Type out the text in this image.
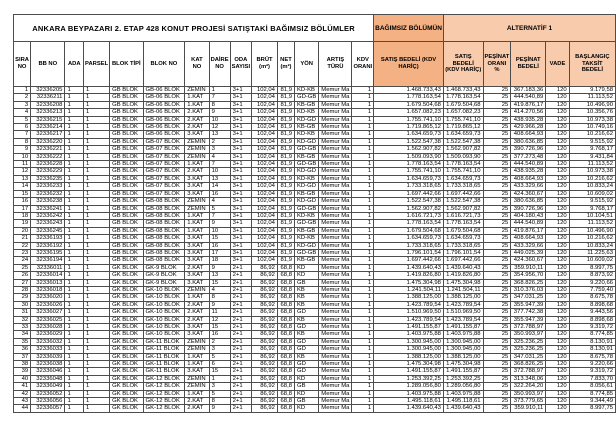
ANKARA BEYPAZARI 2. ETAP 428 KONUT PROJESİ SATIŞTAKİ BAĞIMSIZ BÖLÜMLER														BAĞIMSIZ BÖLÜMÜN	ALTERNATİF 1				
SIRA NO	BB NO	ADA	PARSEL	BLOK TİPİ	BLOK NO	KAT NO	DAİRE NO	ODA SAYISI	BRÜT (m²)	NET (m²)	YÖN	ARTIŞ TÜRÜ	KDV ORANI	SATIŞ BEDELİ (KDV HARİÇ)	SATIŞ BEDELİ (KDV HARİÇ)	PEŞİNAT ORANI %	PEŞİNAT BEDELİ	VADE	BAŞLANGIÇ TAKSİT BEDELİ
1	32336205	1	1	GB BLOK	GB-06 BLOK	ZEMİN	1	3+1	102,04	81,9	KD-KB	Memur Ma	1	1.468.733,43	1.468.733,43	25	367.183,36	120	9.179,58
2	32336211	1	1	GB BLOK	GB-06 BLOK	1.KAT	7	3+1	102,04	81,9	GD-GB	Memur Ma	1	1.778.163,54	1.778.163,54	25	444.540,89	120	11.113,52
3	32336208	1	1	GB BLOK	GB-06 BLOK	1.KAT	8	3+1	102,04	81,9	KB-GB	Memur Ma	1	1.679.504,68	1.679.504,68	25	419.876,17	120	10.496,90
4	32336213	1	1	GB BLOK	GB-06 BLOK	2.KAT	9	3+1	102,04	81,9	KD-KB	Memur Ma	1	1.657.082,23	1.657.082,23	25	414.270,56	120	10.356,76
5	32336215	1	1	GB BLOK	GB-06 BLOK	2.KAT	10	3+1	102,04	81,9	KD-GD	Memur Ma	1	1.755.741,10	1.755.741,10	25	438.935,28	120	10.973,38
6	32336214	1	1	GB BLOK	GB-06 BLOK	2.KAT	12	3+1	102,04	81,9	KB-GB	Memur Ma	1	1.719.865,12	1.719.865,12	25	429.966,28	120	10.749,16
7	32336217	1	1	GB BLOK	GB-06 BLOK	3.KAT	13	3+1	102,04	81,9	KD-KB	Memur Ma	1	1.634.659,73	1.634.659,73	25	408.664,93	120	10.216,62
8	32336220	1	1	GB BLOK	GB-07 BLOK	ZEMİN	2	3+1	102,04	81,9	KD-GD	Memur Ma	1	1.522.547,38	1.522.547,38	25	380.636,85	120	9.515,92
9	32336221	1	1	GB BLOK	GB-07 BLOK	ZEMİN	3	3+1	102,04	81,9	GD-GB	Memur Ma	1	1.562.907,82	1.562.907,82	25	390.726,96	120	9.768,17
10	32336222	1	1	GB BLOK	GB-07 BLOK	ZEMİN	4	3+1	102,04	81,9	KB-GB	Memur Ma	1	1.509.093,90	1.509.093,90	25	377.273,48	120	9.431,84
11	32336228	1	1	GB BLOK	GB-07 BLOK	1.KAT	7	3+1	102,04	81,9	GD-GB	Memur Ma	1	1.778.163,54	1.778.163,54	25	444.540,89	120	11.113,52
12	32336229	1	1	GB BLOK	GB-07 BLOK	2.KAT	10	3+1	102,04	81,9	KD-GD	Memur Ma	1	1.755.741,10	1.755.741,10	25	438.935,28	120	10.973,38
13	32336235	1	1	GB BLOK	GB-07 BLOK	3.KAT	13	3+1	102,04	81,9	KD-KB	Memur Ma	1	1.634.659,73	1.634.659,73	25	408.664,93	120	10.216,62
14	32336233	1	1	GB BLOK	GB-07 BLOK	3.KAT	14	3+1	102,04	81,9	KD-GD	Memur Ma	1	1.733.318,65	1.733.318,65	25	433.329,66	120	10.833,24
15	32336232	1	1	GB BLOK	GB-07 BLOK	3.KAT	16	3+1	102,04	81,9	KB-GB	Memur Ma	1	1.697.442,66	1.697.442,66	25	424.360,67	120	10.609,02
16	32336238	1	1	GB BLOK	GB-08 BLOK	ZEMİN	4	3+1	102,04	81,9	KD-GD	Memur Ma	1	1.522.547,38	1.522.547,38	25	380.636,85	120	9.515,92
17	32336241	1	1	GB BLOK	GB-08 BLOK	ZEMİN	5	3+1	102,04	81,9	GD-GB	Memur Ma	1	1.562.907,82	1.562.907,82	25	390.726,96	120	9.768,17
18	32336242	1	1	GB BLOK	GB-08 BLOK	1.KAT	7	3+1	102,04	81,9	KD-KB	Memur Ma	1	1.616.721,73	1.616.721,73	25	404.180,43	120	10.104,51
19	32336243	1	1	GB BLOK	GB-08 BLOK	1.KAT	9	3+1	102,04	81,9	GD-GB	Memur Ma	1	1.778.163,54	1.778.163,54	25	444.540,89	120	11.113,52
20	32336245	1	1	GB BLOK	GB-08 BLOK	1.KAT	10	3+1	102,04	81,9	KB-GB	Memur Ma	1	1.679.504,68	1.679.504,68	25	419.876,17	120	10.496,90
21	32336193	1	1	GB BLOK	GB-08 BLOK	3.KAT	15	3+1	102,04	81,9	KD-KB	Memur Ma	1	1.634.659,73	1.634.659,73	25	408.664,93	120	10.216,62
22	32336192	1	1	GB BLOK	GB-08 BLOK	3.KAT	16	3+1	102,04	81,9	KD-GD	Memur Ma	1	1.733.318,65	1.733.318,65	25	433.329,66	120	10.833,24
23	32336195	1	1	GB BLOK	GB-08 BLOK	3.KAT	17	3+1	102,04	81,9	GD-GB	Memur Ma	1	1.796.101,54	1.796.101,54	25	449.025,39	120	11.225,63
24	32336194	1	1	GB BLOK	GB-08 BLOK	3.KAT	18	3+1	102,04	81,9	KB-GB	Memur Ma	1	1.697.442,66	1.697.442,66	25	424.360,67	120	10.609,02
25	32336011	1	1	GK BLOK	GK-9 BLOK	2.KAT	9	2+1	86,92	68,8	KD	Memur Ma	1	1.439.640,43	1.439.640,43	25	359.910,11	120	8.997,75
26	32336014	1	1	GK BLOK	GK-9 BLOK	3.KAT	13	2+1	86,92	68,8	KD	Memur Ma	1	1.419.826,80	1.419.826,80	25	354.956,70	120	8.873,92
27	32336013	1	1	GK BLOK	GK-9 BLOK	3.KAT	15	2+1	86,92	68,8	GB	Memur Ma	1	1.475.304,98	1.475.304,98	25	368.826,25	120	9.220,66
28	32336018	1	1	GK BLOK	GK-10 BLOK	ZEMİN	4	2+1	86,92	68,8	KB	Memur Ma	1	1.241.504,11	1.241.504,11	25	310.376,03	120	7.759,40
29	32336020	1	1	GK BLOK	GK-10 BLOK	1.KAT	8	2+1	86,92	68,8	KB	Memur Ma	1	1.388.125,00	1.388.125,00	25	347.031,25	120	8.675,78
30	32336026	1	1	GK BLOK	GK-10 BLOK	2.KAT	9	2+1	86,92	68,8	KB	Memur Ma	1	1.423.789,54	1.423.789,54	25	355.947,39	120	8.898,68
31	32336027	1	1	GK BLOK	GK-10 BLOK	2.KAT	11	2+1	86,92	68,8	GD	Memur Ma	1	1.510.969,50	1.510.969,50	25	377.742,38	120	9.443,56
32	32336025	1	1	GK BLOK	GK-10 BLOK	2.KAT	12	2+1	86,92	68,8	KB	Memur Ma	1	1.423.789,54	1.423.789,54	25	355.947,39	120	8.898,68
33	32336028	1	1	GK BLOK	GK-10 BLOK	3.KAT	15	2+1	86,92	68,8	GD	Memur Ma	1	1.491.155,87	1.491.155,87	25	372.788,97	120	9.319,72
34	32336029	1	1	GK BLOK	GK-10 BLOK	3.KAT	16	2+1	86,92	68,8	KB	Memur Ma	1	1.403.975,88	1.403.975,88	25	350.993,97	120	8.774,85
35	32336032	1	1	GK BLOK	GK-11 BLOK	ZEMİN	2	2+1	86,92	68,8	GD	Memur Ma	1	1.300.945,00	1.300.945,00	25	325.236,25	120	8.130,91
36	32336033	1	1	GK BLOK	GK-11 BLOK	ZEMİN	3	2+1	86,92	68,8	GD	Memur Ma	1	1.300.945,00	1.300.945,00	25	325.236,25	120	8.130,91
37	32336039	1	1	GK BLOK	GK-11 BLOK	1.KAT	5	2+1	86,92	68,8	KB	Memur Ma	1	1.388.125,00	1.388.125,00	25	347.031,25	120	8.675,78
38	32336038	1	1	GK BLOK	GK-11 BLOK	1.KAT	6	2+1	86,92	68,8	GD	Memur Ma	1	1.475.304,98	1.475.304,98	25	368.826,25	120	9.220,66
39	32336046	1	1	GK BLOK	GK-11 BLOK	3.KAT	15	2+1	86,92	68,8	GD	Memur Ma	1	1.491.155,87	1.491.155,87	25	372.788,97	120	9.319,72
40	32336048	1	1	GK BLOK	GK-12 BLOK	ZEMİN	1	2+1	86,92	68,8	KD	Memur Ma	1	1.253.392,25	1.253.392,25	25	313.348,06	120	7.833,70
41	32336049	1	1	GK BLOK	GK-12 BLOK	ZEMİN	3	2+1	86,92	68,8	GB	Memur Ma	1	1.289.056,80	1.289.056,80	25	322.264,20	120	8.056,61
42	32336052	1	1	GK BLOK	GK-12 BLOK	1.KAT	5	2+1	86,92	68,8	KD	Memur Ma	1	1.403.975,88	1.403.975,88	25	350.993,97	120	8.774,85
43	32336056	1	1	GK BLOK	GK-12 BLOK	2.KAT	8	2+1	86,92	68,8	GB	Memur Ma	1	1.495.118,61	1.495.118,61	25	373.779,65	120	9.344,49
44	32336057	1	1	GK BLOK	GK-12 BLOK	2.KAT	9	2+1	86,92	68,8	KD	Memur Ma	1	1.439.640,43	1.439.640,43	25	359.910,11	120	8.997,75
